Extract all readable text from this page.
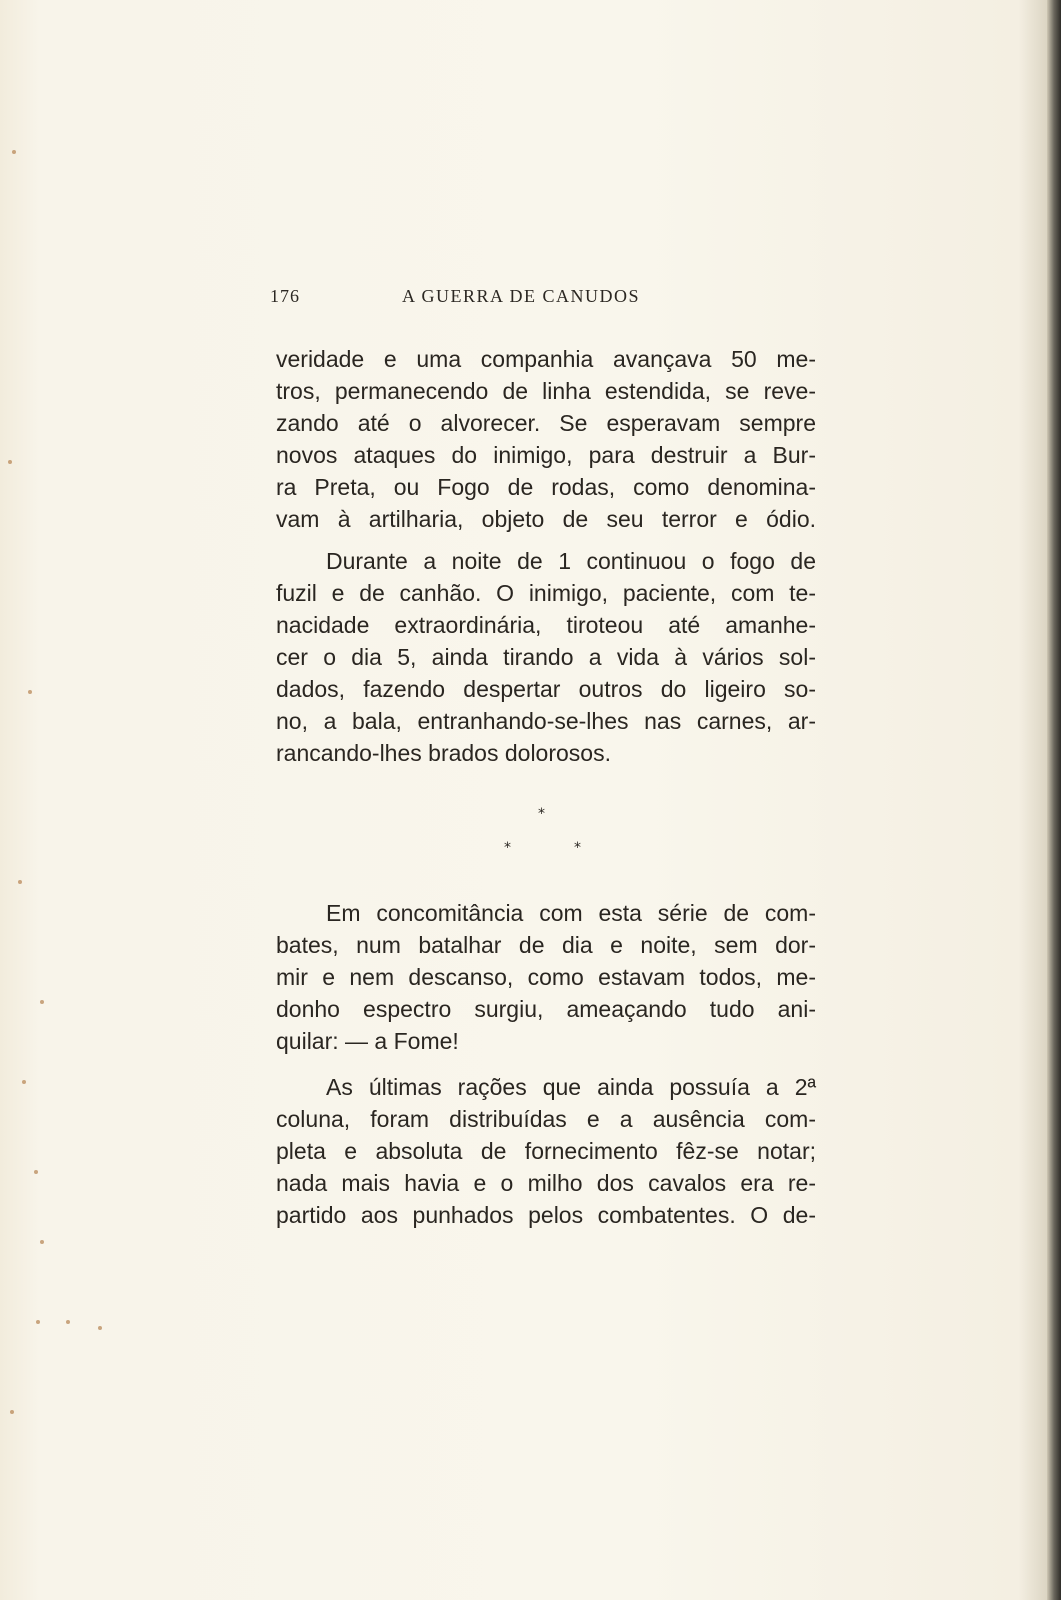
176	A GUERRA DE CANUDOS
veridade e uma companhia avançava 50 me-
tros, permanecendo de linha estendida, se reve-
zando até o alvorecer. Se esperavam sempre
novos ataques do inimigo, para destruir a Bur-
ra Preta, ou Fogo de rodas, como denomina-
vam à artilharia, objeto de seu terror e ódio.
Durante a noite de 1 continuou o fogo de
fuzil e de canhão. O inimigo, paciente, com te-
nacidade extraordinária, tiroteou até amanhe-
cer o dia 5, ainda tirando a vida à vários sol-
dados, fazendo despertar outros do ligeiro so-
no, a bala, entranhando-se-lhes nas carnes, ar-
rancando-lhes brados dolorosos.
*
*	*
Em concomitância com esta série de com-
bates, num batalhar de dia e noite, sem dor-
mir e nem descanso, como estavam todos, me-
donho espectro surgiu, ameaçando tudo ani-
quilar: — a Fome!
As últimas rações que ainda possuía a 2ª
coluna, foram distribuídas e a ausência com-
pleta e absoluta de fornecimento fêz-se notar;
nada mais havia e o milho dos cavalos era re-
partido aos punhados pelos combatentes. O de-
